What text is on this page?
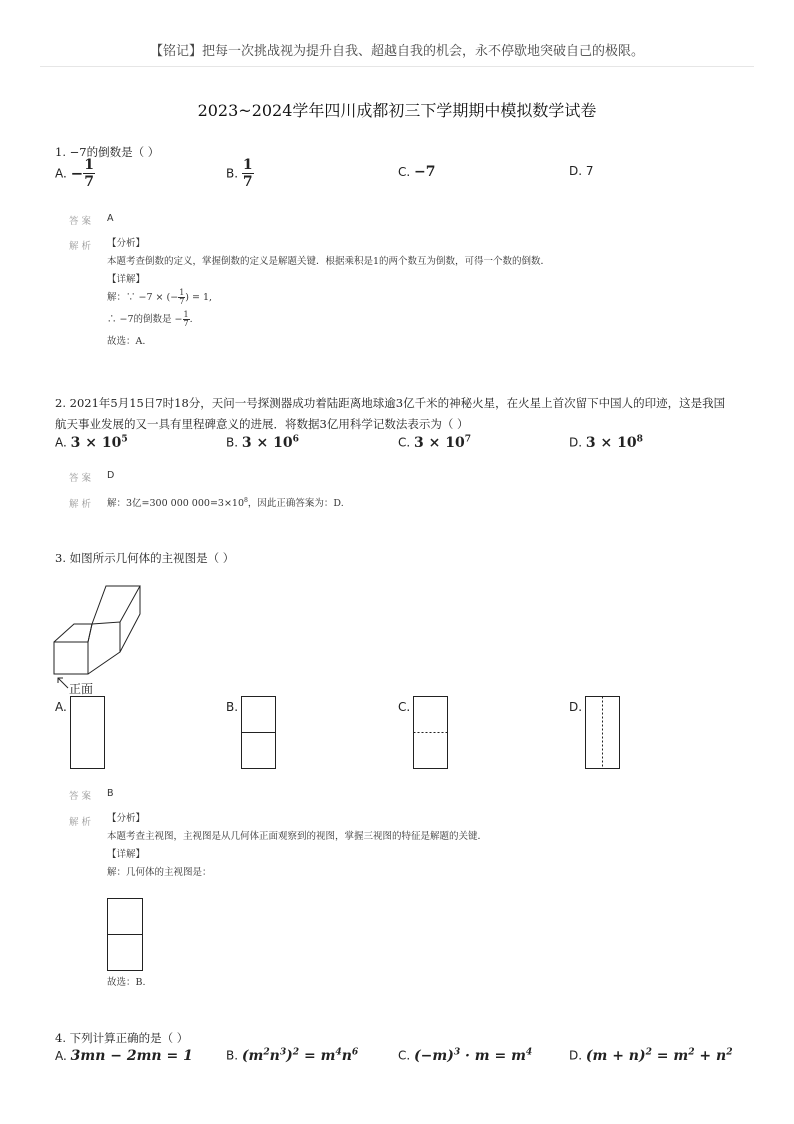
【铭记】把每一次挑战视为提升自我、超越自我的机会，永不停歇地突破自己的极限。
2023~2024学年四川成都初三下学期期中模拟数学试卷
1. −7的倒数是（ ）
A. − $\frac{1}{7}$	B. $\frac{1}{7}$	C. −7	D. 7
答案 A
解析 【分析】
本题考查倒数的定义，掌握倒数的定义是解题关键．根据乘积是1的两个数互为倒数，可得一个数的倒数．
【详解】
解：∵ −7 × (− $\frac{1}{7}$ ) = 1,
∴ −7的倒数是 − $\frac{1}{7}$ .
故选：A.
2. 2021年5月15日7时18分，天问一号探测器成功着陆距离地球逾3亿千米的神秘火星，在火星上首次留下中国人的印迹，这是我国
航天事业发展的又一具有里程碑意义的进展．将数据3亿用科学记数法表示为（ ）
A. $3 \times 10^5$	B. $3 \times 10^6$	C. $3 \times 10^7$	D. $3 \times 10^8$
答案 D
解析 解：3亿=300 000 $000=3\times 10^8$，因此正确答案为：D.
3. 如图所示几何体的主视图是（ ）
正面
A.	B.	C.	D.
答案 B
解析 【分析】
本题考查主视图，主视图是从几何体正面观察到的视图，掌握三视图的特征是解题的关键．
【详解】
解：几何体的主视图是：
故选：B.
4. 下列计算正确的是（ ）
A. 3mn − 2mn = 1	B. $(m^2n^3)^2 = m^4n^6$	C. $(-m)^3 \cdot m = m^4$	D. $(m + n)^2 = m^2 + n^2$
